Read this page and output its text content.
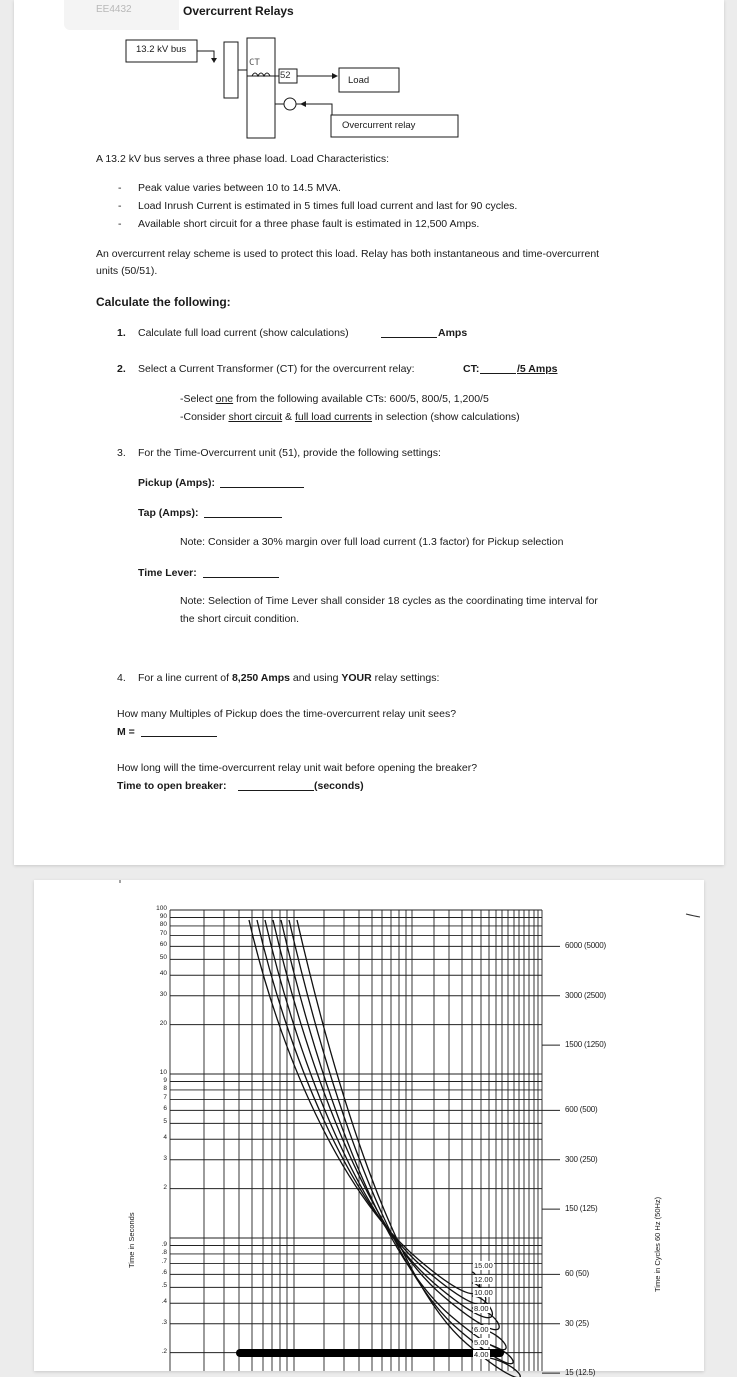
EE4432	Overcurrent Relays
13.2 kV bus
CT
52	Load
Overcurrent relay
A 13.2 kV bus serves a three phase load. Load Characteristics:
- Peak value varies between 10 to 14.5 MVA.
- Load Inrush Current is estimated in 5 times full load current and last for 90 cycles.
- Available short circuit for a three phase fault is estimated in 12,500 Amps.
An overcurrent relay scheme is used to protect this load. Relay has both instantaneous and time-overcurrent
units (50/51).
Calculate the following:
1. Calculate full load current (show calculations)	Amps
2. Select a Current Transformer (CT) for the overcurrent relay:	CT:	/5 Amps
-Select one from the following available CTs: 600/5, 800/5, 1,200/5
-Consider short circuit & full load currents in selection (show calculations)
3. For the Time-Overcurrent unit (51), provide the following settings:
Pickup (Amps):
Tap (Amps):
Note: Consider a 30% margin over full load current (1.3 factor) for Pickup selection
Time Lever:
Note: Selection of Time Lever shall consider 18 cycles as the coordinating time interval for
the short circuit condition.
4. For a line current of 8,250 Amps and using YOUR relay settings:
How many Multiples of Pickup does the time-overcurrent relay unit sees?
M =
How long will the time-overcurrent relay unit wait before opening the breaker?
Time to open breaker:	(seconds)
100
90
80
70
60
50
40
30
20
10
9
8
7
6
5
4
3
2
.9
.8
.7
.6
.5
.4
.3
.2
6000 (5000)
3000 (2500)
1500 (1250)
600 (500)
300 (250)
150 (125)
60 (50)
30 (25)
15 (12.5)
15.00
12.00
10.00
8.00
6.00
5.00
4.00
Time in Seconds	Time in Cycles 60 Hz (50Hz)
